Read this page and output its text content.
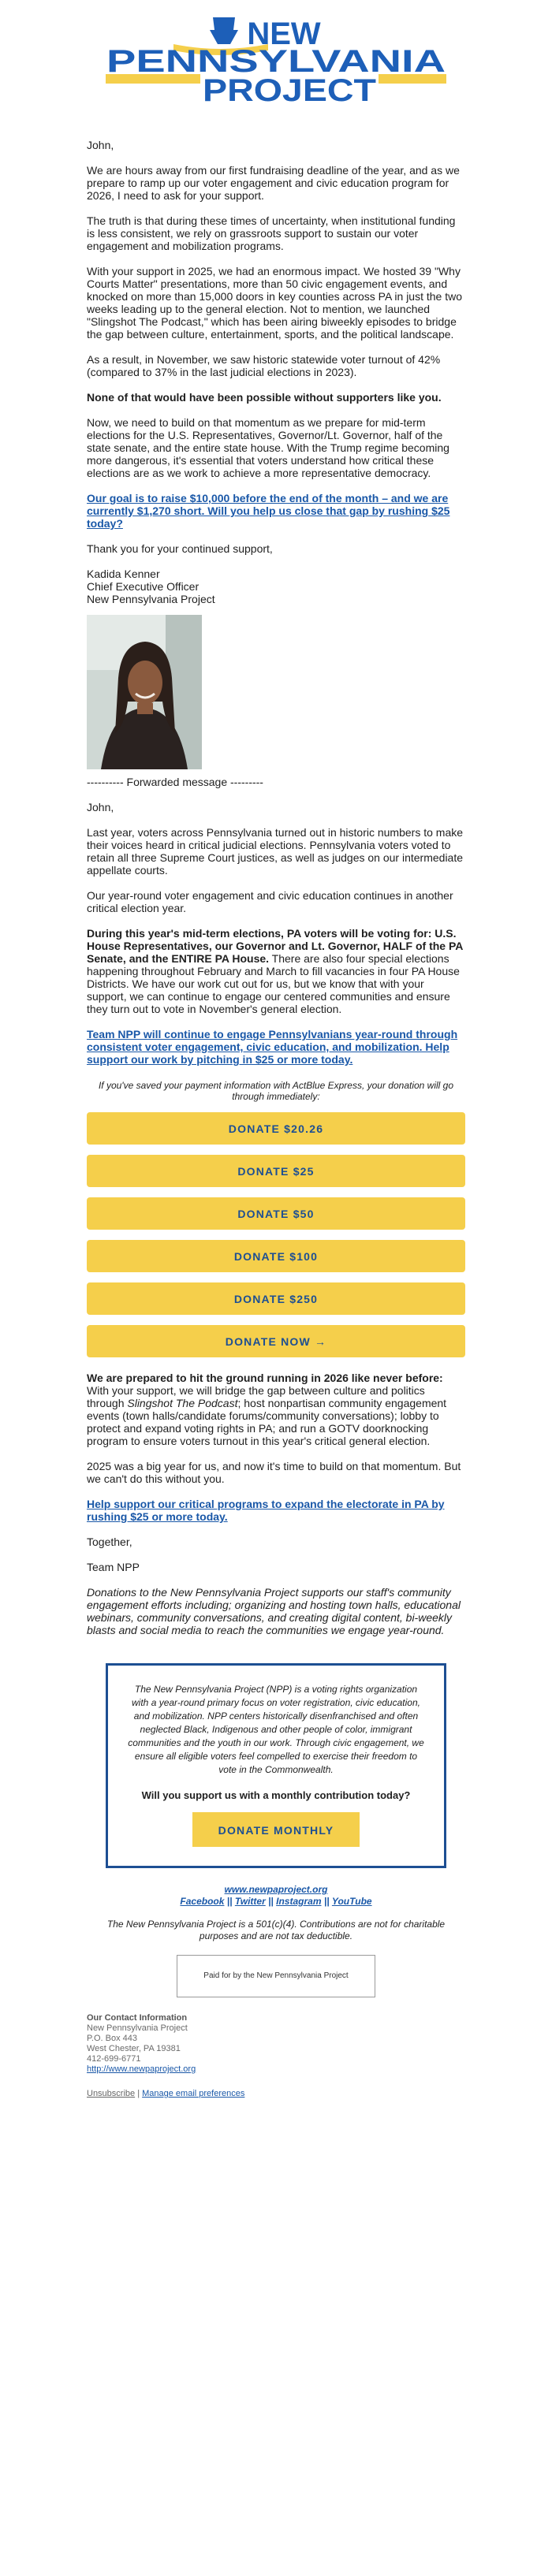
NEW
PENNSYLVANIA
PROJECT

John,

We are hours away from our first fundraising deadline of the year, and as we prepare to ramp up our voter engagement and civic education program for 2026, I need to ask for your support.

The truth is that during these times of uncertainty, when institutional funding is less consistent, we rely on grassroots support to sustain our voter engagement and mobilization programs.

With your support in 2025, we had an enormous impact. We hosted 39 "Why Courts Matter" presentations, more than 50 civic engagement events, and knocked on more than 15,000 doors in key counties across PA in just the two weeks leading up to the general election. Not to mention, we launched "Slingshot The Podcast," which has been airing biweekly episodes to bridge the gap between culture, entertainment, sports, and the political landscape.

As a result, in November, we saw historic statewide voter turnout of 42% (compared to 37% in the last judicial elections in 2023).

None of that would have been possible without supporters like you.

Now, we need to build on that momentum as we prepare for mid-term elections for the U.S. Representatives, Governor/Lt. Governor, half of the state senate, and the entire state house. With the Trump regime becoming more dangerous, it's essential that voters understand how critical these elections are as we work to achieve a more representative democracy.

Our goal is to raise $10,000 before the end of the month – and we are currently $1,270 short. Will you help us close that gap by rushing $25 today?

Thank you for your continued support,

Kadida Kenner
Chief Executive Officer
New Pennsylvania Project
---------- Forwarded message ---------

John,

Last year, voters across Pennsylvania turned out in historic numbers to make their voices heard in critical judicial elections. Pennsylvania voters voted to retain all three Supreme Court justices, as well as judges on our intermediate appellate courts.

Our year-round voter engagement and civic education continues in another critical election year.

During this year's mid-term elections, PA voters will be voting for: U.S. House Representatives, our Governor and Lt. Governor, HALF of the PA Senate, and the ENTIRE PA House. There are also four special elections happening throughout February and March to fill vacancies in four PA House Districts. We have our work cut out for us, but we know that with your support, we can continue to engage our centered communities and ensure they turn out to vote in November's general election.

Team NPP will continue to engage Pennsylvanians year-round through consistent voter engagement, civic education, and mobilization. Help support our work by pitching in $25 or more today.

If you've saved your payment information with ActBlue Express, your donation will go through immediately:

DONATE $20.26
DONATE $25
DONATE $50
DONATE $100
DONATE $250
DONATE NOW →

We are prepared to hit the ground running in 2026 like never before: With your support, we will bridge the gap between culture and politics through Slingshot The Podcast; host nonpartisan community engagement events (town halls/candidate forums/community conversations); lobby to protect and expand voting rights in PA; and run a GOTV doorknocking program to ensure voters turnout in this year's critical general election.

2025 was a big year for us, and now it's time to build on that momentum. But we can't do this without you.

Help support our critical programs to expand the electorate in PA by rushing $25 or more today.

Together,

Team NPP

Donations to the New Pennsylvania Project supports our staff's community engagement efforts including; organizing and hosting town halls, educational webinars, community conversations, and creating digital content, bi-weekly blasts and social media to reach the communities we engage year-round.

The New Pennsylvania Project (NPP) is a voting rights organization with a year-round primary focus on voter registration, civic education, and mobilization. NPP centers historically disenfranchised and often neglected Black, Indigenous and other people of color, immigrant communities and the youth in our work. Through civic engagement, we ensure all eligible voters feel compelled to exercise their freedom to vote in the Commonwealth.
Will you support us with a monthly contribution today?
DONATE MONTHLY
www.newpaproject.org
Facebook || Twitter || Instagram || YouTube
The New Pennsylvania Project is a 501(c)(4). Contributions are not for charitable purposes and are not tax deductible.
Paid for by the New Pennsylvania Project
Our Contact Information
New Pennsylvania Project
P.O. Box 443
West Chester, PA 19381
412-699-6771
http://www.newpaproject.org
Unsubscribe | Manage email preferences
